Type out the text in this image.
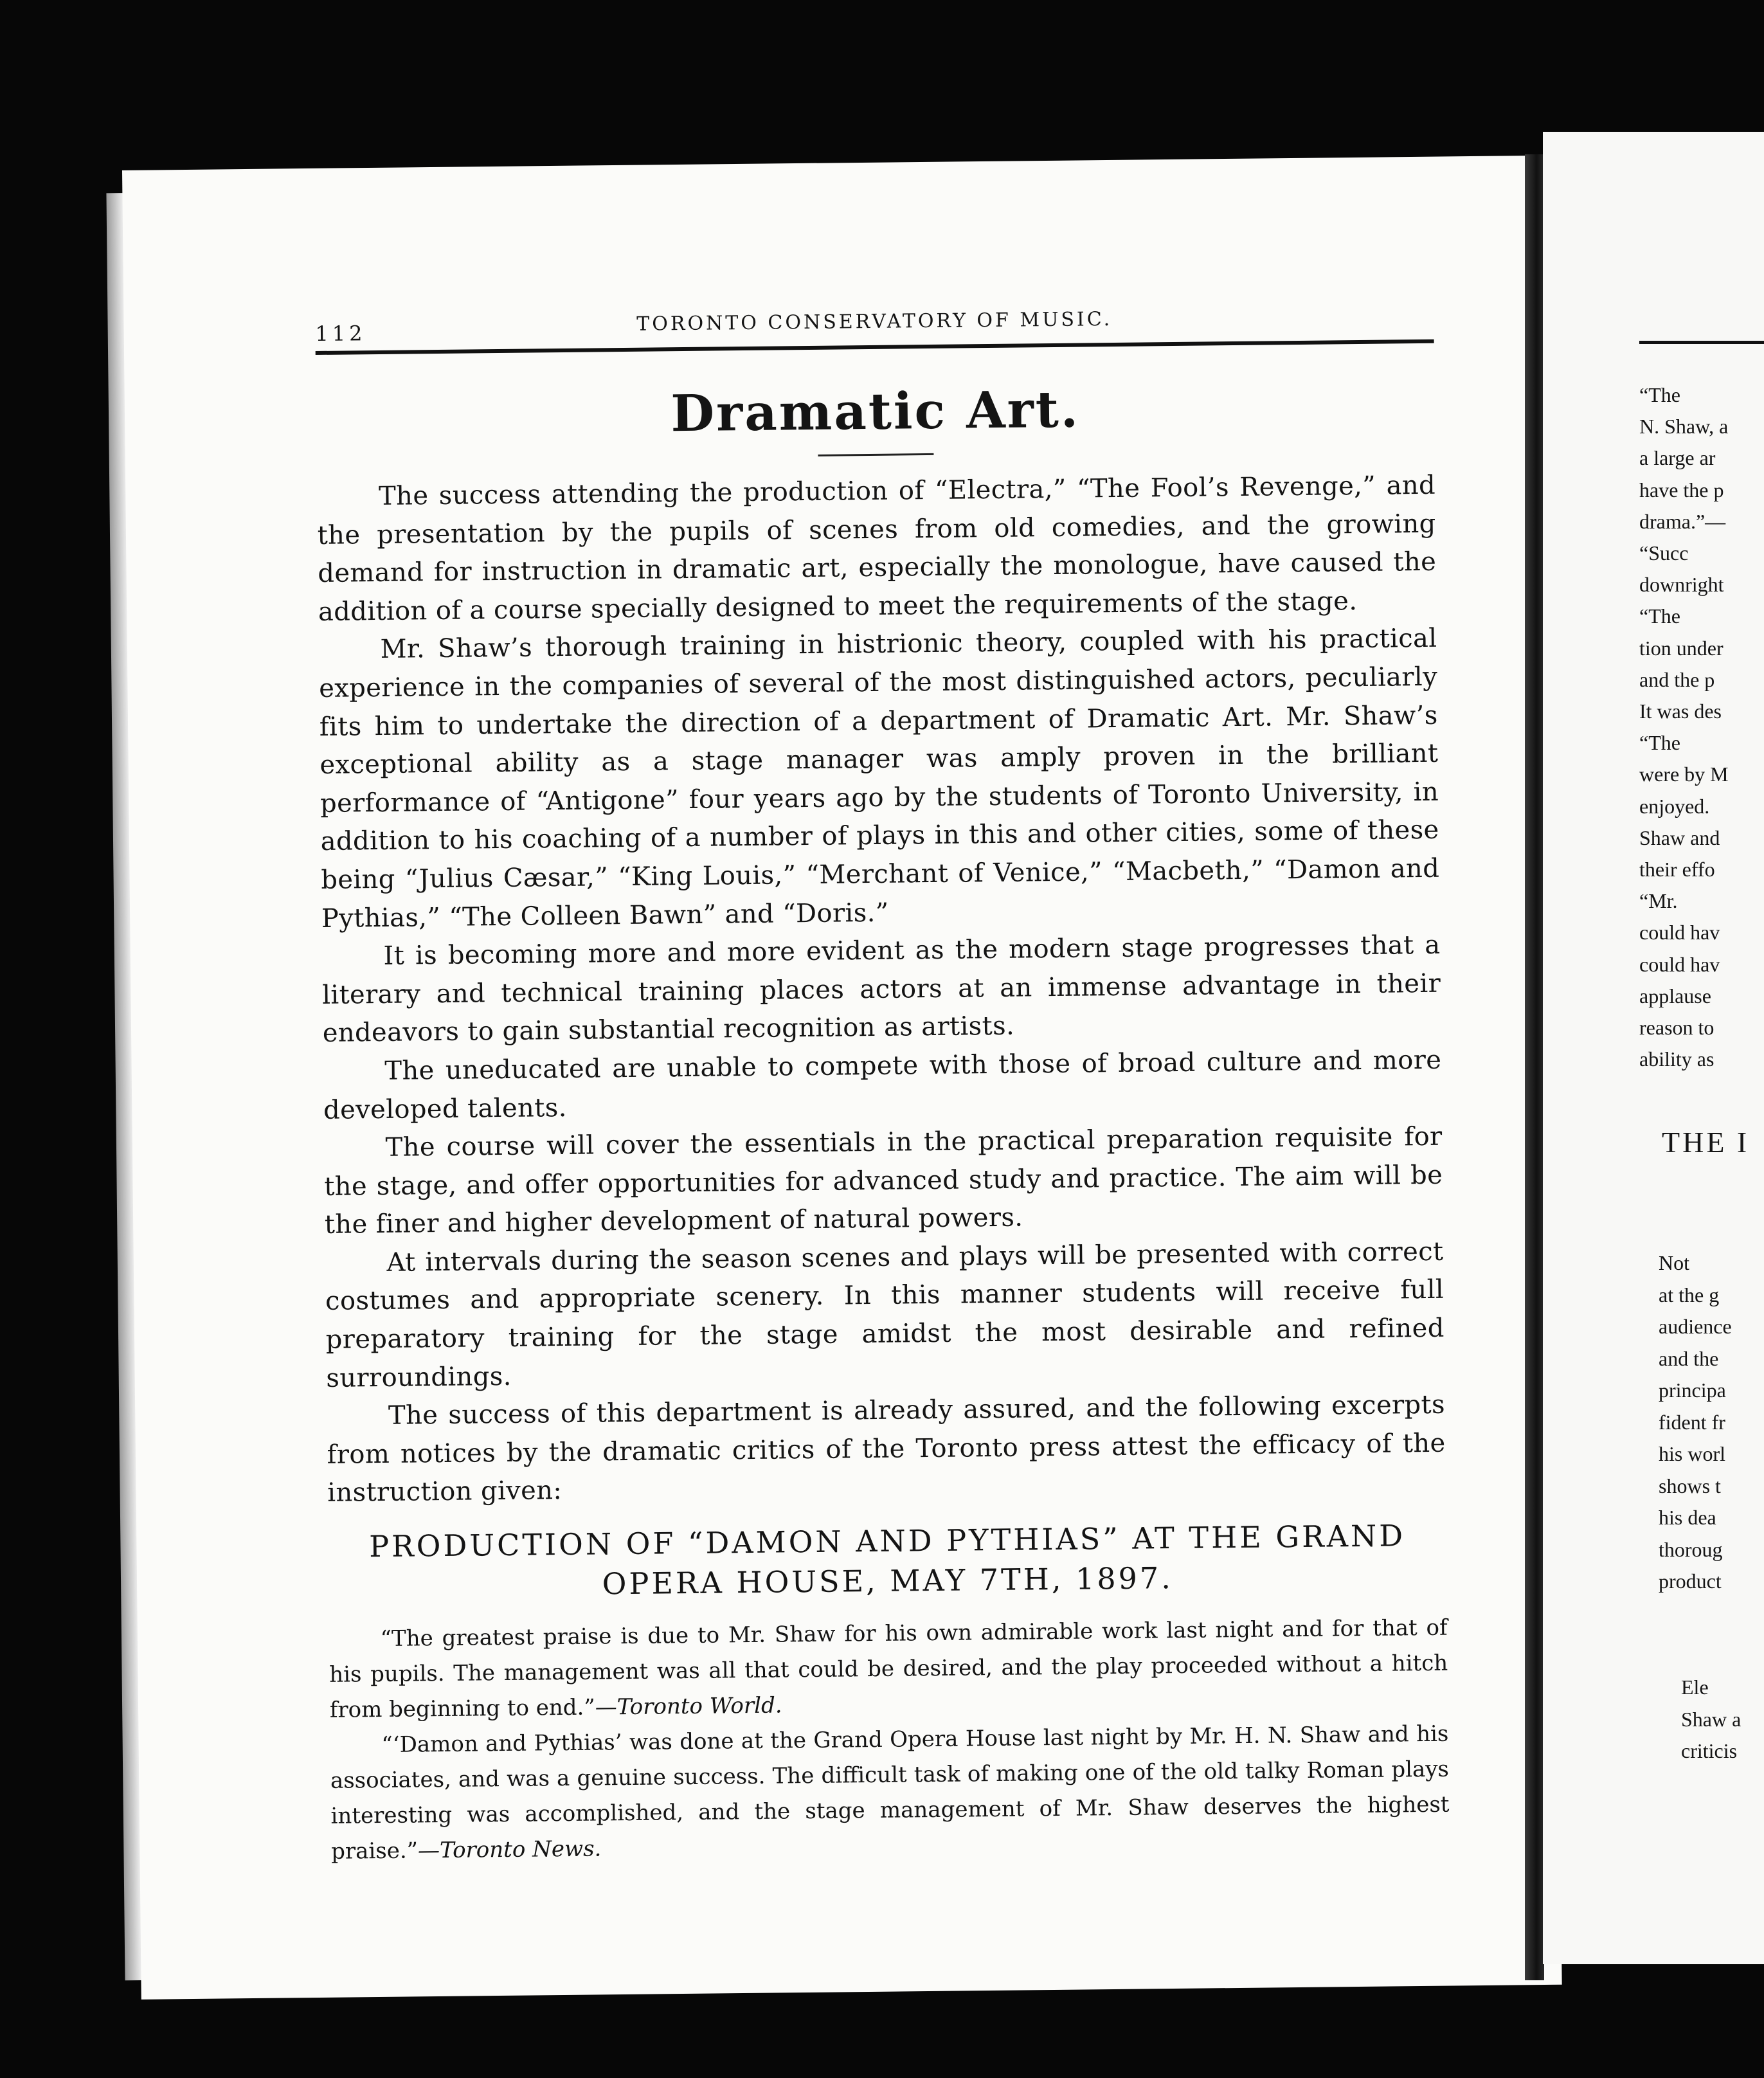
“The
N. Shaw, a
a large ar
have the p
drama.”—
“Succ
downright
“The
tion under
and the p
It was des
“The
were by M
enjoyed.
Shaw and
their effo
“Mr.
could hav
could hav
applause
reason to
ability as
THE I
Not
at the g
audience
and the
principa
fident fr
his worl
shows t
his dea
thoroug
product
Ele
Shaw a
criticis
112	TORONTO CONSERVATORY OF MUSIC.
Dramatic Art.

The success attending the production of “Electra,” “The Fool’s Revenge,” and the presentation by the pupils of scenes from old comedies, and the growing demand for instruction in dramatic art, especially the monologue, have caused the addition of a course specially designed to meet the requirements of the stage.

Mr. Shaw’s thorough training in histrionic theory, coupled with his practical experience in the companies of several of the most distinguished actors, peculiarly fits him to undertake the direction of a department of Dramatic Art. Mr. Shaw’s exceptional ability as a stage manager was amply proven in the brilliant performance of “Antigone” four years ago by the students of Toronto University, in addition to his coaching of a number of plays in this and other cities, some of these being “Julius Cæsar,” “King Louis,” “Merchant of Venice,” “Macbeth,” “Damon and Pythias,” “The Colleen Bawn” and “Doris.”

It is becoming more and more evident as the modern stage progresses that a literary and technical training places actors at an immense advantage in their endeavors to gain substantial recognition as artists.

The uneducated are unable to compete with those of broad culture and more developed talents.

The course will cover the essentials in the practical preparation requisite for the stage, and offer opportunities for advanced study and practice. The aim will be the finer and higher development of natural powers.

At intervals during the season scenes and plays will be presented with correct costumes and appropriate scenery. In this manner students will receive full preparatory training for the stage amidst the most desirable and refined surroundings.

The success of this department is already assured, and the following excerpts from notices by the dramatic critics of the Toronto press attest the efficacy of the instruction given:

PRODUCTION OF “DAMON AND PYTHIAS” AT THE GRAND OPERA HOUSE, MAY 7TH, 1897.

“The greatest praise is due to Mr. Shaw for his own admirable work last night and for that of his pupils. The management was all that could be desired, and the play proceeded without a hitch from beginning to end.”—Toronto World.

“‘Damon and Pythias’ was done at the Grand Opera House last night by Mr. H. N. Shaw and his associates, and was a genuine success. The difficult task of making one of the old talky Roman plays interesting was accomplished, and the stage management of Mr. Shaw deserves the highest praise.”—Toronto News.
